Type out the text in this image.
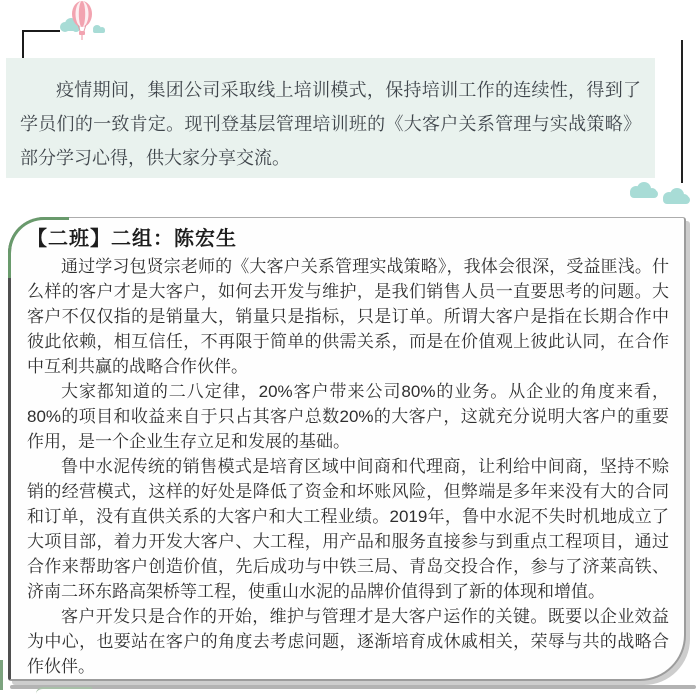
疫情期间，集团公司采取线上培训模式，保持培训工作的连续性，得到了学员们的一致肯定。现刊登基层管理培训班的《大客户关系管理与实战策略》部分学习心得，供大家分享交流。

【二班】二组：陈宏生

通过学习包贤宗老师的《大客户关系管理实战策略》，我体会很深，受益匪浅。什么样的客户才是大客户，如何去开发与维护，是我们销售人员一直要思考的问题。大客户不仅仅指的是销量大，销量只是指标，只是订单。所谓大客户是指在长期合作中彼此依赖，相互信任，不再限于简单的供需关系，而是在价值观上彼此认同，在合作中互利共赢的战略合作伙伴。

大家都知道的二八定律，20%客户带来公司80%的业务。从企业的角度来看，80%的项目和收益来自于只占其客户总数20%的大客户，这就充分说明大客户的重要作用，是一个企业生存立足和发展的基础。

鲁中水泥传统的销售模式是培育区域中间商和代理商，让利给中间商，坚持不赊销的经营模式，这样的好处是降低了资金和坏账风险，但弊端是多年来没有大的合同和订单，没有直供关系的大客户和大工程业绩。2019年，鲁中水泥不失时机地成立了大项目部，着力开发大客户、大工程，用产品和服务直接参与到重点工程项目，通过合作来帮助客户创造价值，先后成功与中铁三局、青岛交投合作，参与了济莱高铁、济南二环东路高架桥等工程，使重山水泥的品牌价值得到了新的体现和增值。

客户开发只是合作的开始，维护与管理才是大客户运作的关键。既要以企业效益为中心，也要站在客户的角度去考虑问题，逐渐培育成休戚相关，荣辱与共的战略合作伙伴。
